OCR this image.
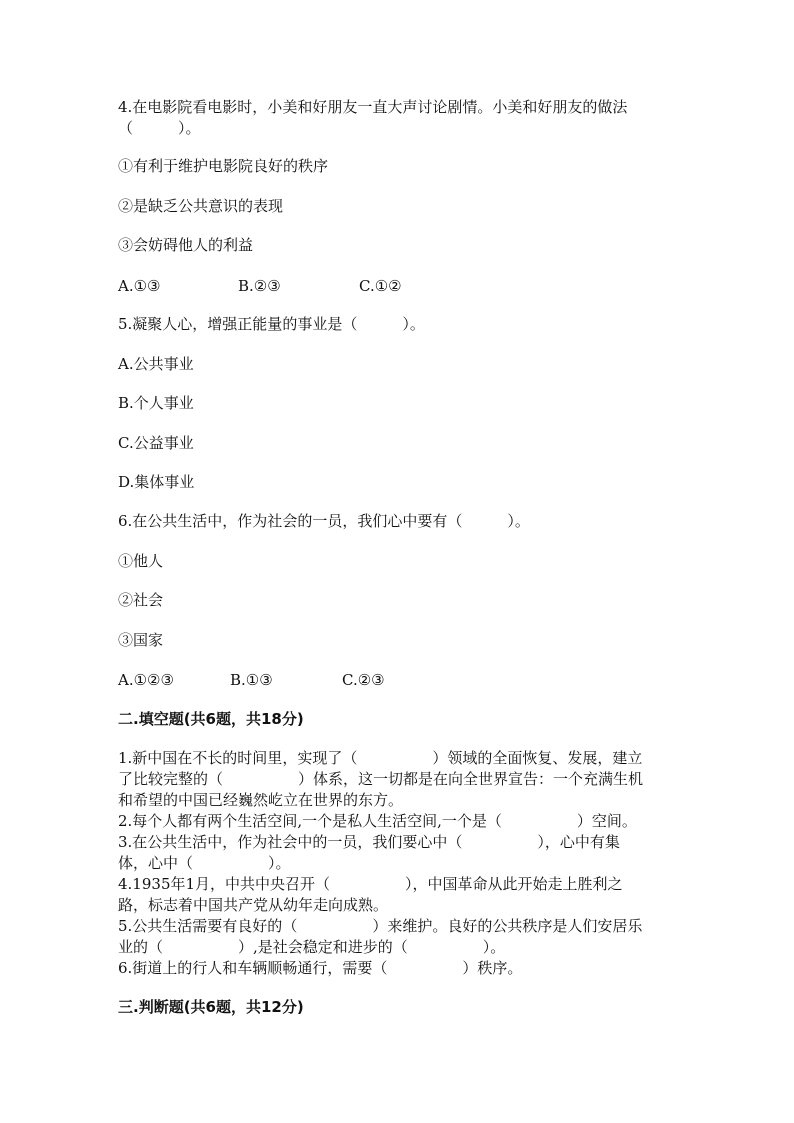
4.在电影院看电影时，小美和好朋友一直大声讨论剧情。小美和好朋友的做法
（　　　）。
①有利于维护电影院良好的秩序
②是缺乏公共意识的表现
③会妨碍他人的利益
A.①③	B.②③	C.①②
5.凝聚人心，增强正能量的事业是（　　　）。
A.公共事业
B.个人事业
C.公益事业
D.集体事业
6.在公共生活中，作为社会的一员，我们心中要有（　　　）。
①他人
②社会
③国家
A.①②③	B.①③	C.②③
二.填空题(共6题，共18分)
1.新中国在不长的时间里，实现了（　　　　　）领域的全面恢复、发展，建立
了比较完整的（　　　　　）体系，这一切都是在向全世界宣告：一个充满生机
和希望的中国已经巍然屹立在世界的东方。
2.每个人都有两个生活空间,一个是私人生活空间,一个是（　　　　　）空间。
3.在公共生活中，作为社会中的一员，我们要心中（　　　　　），心中有集
体，心中（　　　　　）。
4.1935年1月，中共中央召开（　　　　　），中国革命从此开始走上胜利之
路，标志着中国共产党从幼年走向成熟。
5.公共生活需要有良好的（　　　　　）来维护。良好的公共秩序是人们安居乐
业的（　　　　　）,是社会稳定和进步的（　　　　　）。
6.街道上的行人和车辆顺畅通行，需要（　　　　　）秩序。
三.判断题(共6题，共12分)
